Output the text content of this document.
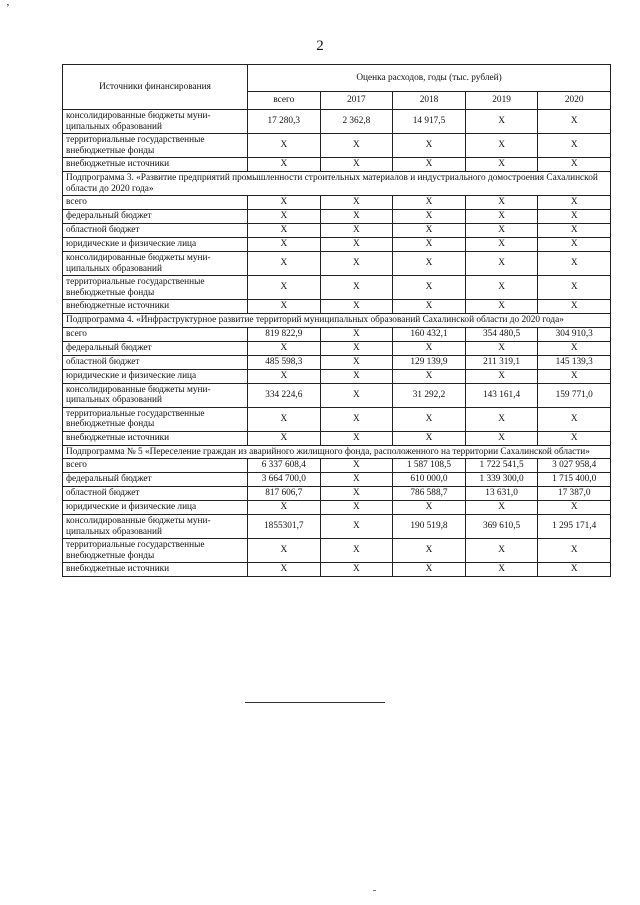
’
2
Источники финансирования	Оценка расходов, годы (тыс. рублей)				
	всего	2017	2018	2019	2020
консолидированные бюджеты муни-ципальных образований	17 280,3	2 362,8	14 917,5	X	X
территориальные государственные внебюджетные фонды	X	X	X	X	X
внебюджетные источники	X	X	X	X	X
Подпрограмма 3. «Развитие предприятий промышленности строительных материалов и индустриального домостроения Сахалинской области до 2020 года»					
всего	X	X	X	X	X
федеральный бюджет	X	X	X	X	X
областной бюджет	X	X	X	X	X
юридические и физические лица	X	X	X	X	X
консолидированные бюджеты муни-ципальных образований	X	X	X	X	X
территориальные государственные внебюджетные фонды	X	X	X	X	X
внебюджетные источники	X	X	X	X	X
Подпрограмма 4. «Инфраструктурное развитие территорий муниципальных образований Сахалинской области до 2020 года»					
всего	819 822,9	X	160 432,1	354 480,5	304 910,3
федеральный бюджет	X	X	X	X	X
областной бюджет	485 598,3	X	129 139,9	211 319,1	145 139,3
юридические и физические лица	X	X	X	X	X
консолидированные бюджеты муни-ципальных образований	334 224,6	X	31 292,2	143 161,4	159 771,0
территориальные государственные внебюджетные фонды	X	X	X	X	X
внебюджетные источники	X	X	X	X	X
Подпрограмма № 5 «Переселение граждан из аварийного жилищного фонда, расположенного на территории Сахалинской области»					
всего	6 337 608,4	X	1 587 108,5	1 722 541,5	3 027 958,4
федеральный бюджет	3 664 700,0	X	610 000,0	1 339 300,0	1 715 400,0
областной бюджет	817 606,7	X	786 588,7	13 631,0	17 387,0
юридические и физические лица	X	X	X	X	X
консолидированные бюджеты муни-ципальных образований	1855301,7	X	190 519,8	369 610,5	1 295 171,4
территориальные государственные внебюджетные фонды	X	X	X	X	X
внебюджетные источники	X	X	X	X	X
